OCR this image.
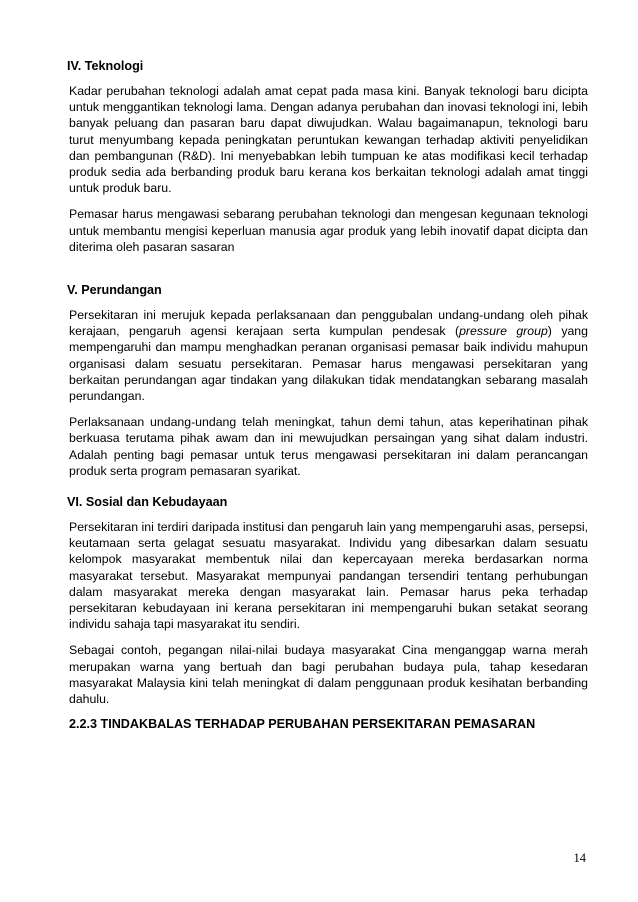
IV. Teknologi

Kadar perubahan teknologi adalah amat cepat pada masa kini. Banyak teknologi baru dicipta untuk menggantikan teknologi lama. Dengan adanya perubahan dan inovasi teknologi ini, lebih banyak peluang dan pasaran baru dapat diwujudkan. Walau bagaimanapun, teknologi baru turut menyumbang kepada peningkatan peruntukan kewangan terhadap aktiviti penyelidikan dan pembangunan (R&D). Ini menyebabkan lebih tumpuan ke atas modifikasi kecil terhadap produk sedia ada berbanding produk baru kerana kos berkaitan teknologi adalah amat tinggi untuk produk baru.

Pemasar harus mengawasi sebarang perubahan teknologi dan mengesan kegunaan teknologi untuk membantu mengisi keperluan manusia agar produk yang lebih inovatif dapat dicipta dan diterima oleh pasaran sasaran

V. Perundangan

Persekitaran ini merujuk kepada perlaksanaan dan penggubalan undang-undang oleh pihak kerajaan, pengaruh agensi kerajaan serta kumpulan pendesak (pressure group) yang mempengaruhi dan mampu menghadkan peranan organisasi pemasar baik individu mahupun organisasi dalam sesuatu persekitaran. Pemasar harus mengawasi persekitaran yang berkaitan perundangan agar tindakan yang dilakukan tidak mendatangkan sebarang masalah perundangan.

Perlaksanaan undang-undang telah meningkat, tahun demi tahun, atas keperihatinan pihak berkuasa terutama pihak awam dan ini mewujudkan persaingan yang sihat dalam industri. Adalah penting bagi pemasar untuk terus mengawasi persekitaran ini dalam perancangan produk serta program pemasaran syarikat.

VI. Sosial dan Kebudayaan

Persekitaran ini terdiri daripada institusi dan pengaruh lain yang mempengaruhi asas, persepsi, keutamaan serta gelagat sesuatu masyarakat. Individu yang dibesarkan dalam sesuatu kelompok masyarakat membentuk nilai dan kepercayaan mereka berdasarkan norma masyarakat tersebut. Masyarakat mempunyai pandangan tersendiri tentang perhubungan dalam masyarakat mereka dengan masyarakat lain. Pemasar harus peka terhadap persekitaran kebudayaan ini kerana persekitaran ini mempengaruhi bukan setakat seorang individu sahaja tapi masyarakat itu sendiri.

Sebagai contoh, pegangan nilai-nilai budaya masyarakat Cina menganggap warna merah merupakan warna yang bertuah dan bagi perubahan budaya pula, tahap kesedaran masyarakat Malaysia kini telah meningkat di dalam penggunaan produk kesihatan berbanding dahulu.

2.2.3 TINDAKBALAS TERHADAP PERUBAHAN PERSEKITARAN PEMASARAN
14
